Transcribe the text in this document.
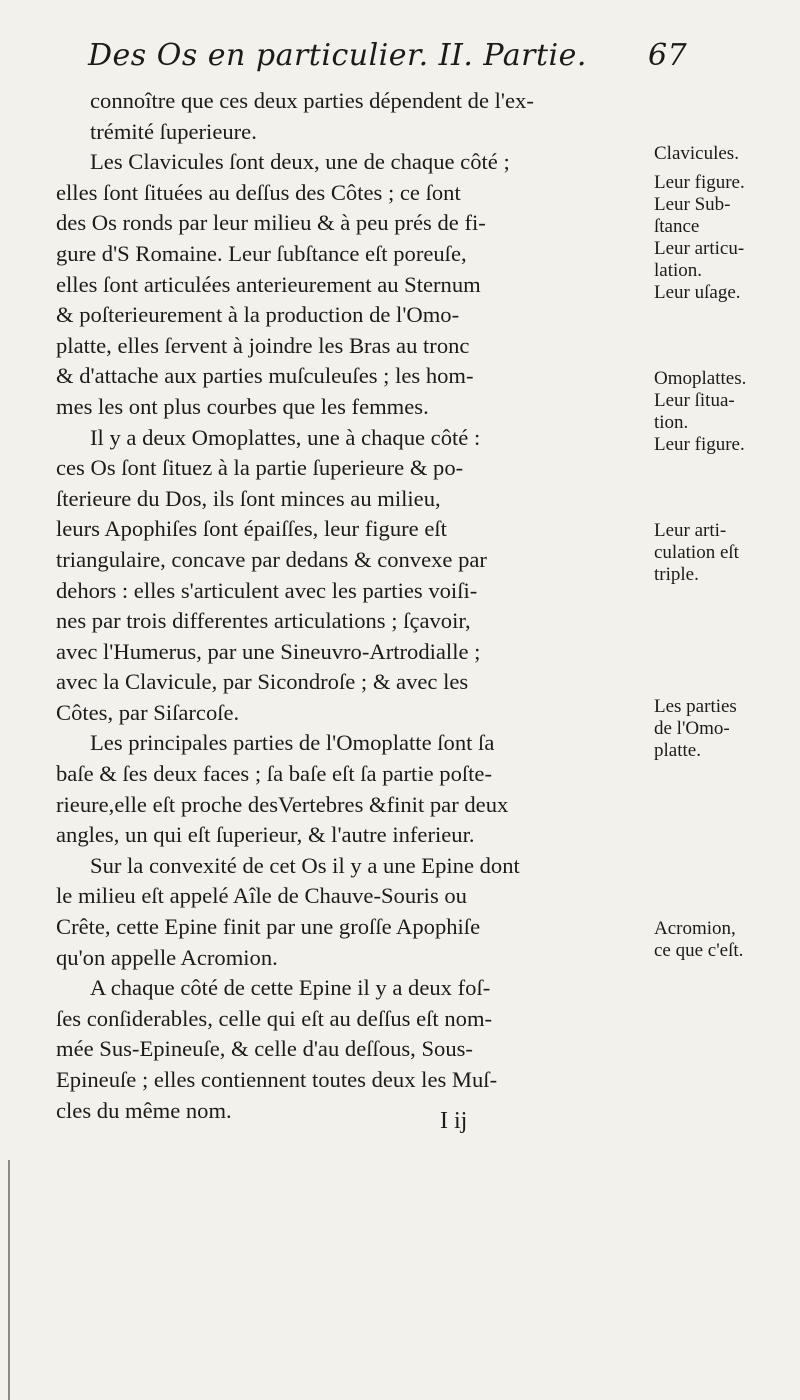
Des Os en particulier. II. Partie. 67
connoître que ces deux parties dépendent de l'ex-
trémité ſuperieure.
Les Clavicules ſont deux, une de chaque côté ;
elles ſont ſituées au deſſus des Côtes ; ce ſont
des Os ronds par leur milieu & à peu prés de fi-
gure d'S Romaine. Leur ſubſtance eſt poreuſe,
elles ſont articulées anterieurement au Sternum
& poſterieurement à la production de l'Omo-
platte, elles ſervent à joindre les Bras au tronc
& d'attache aux parties muſculeuſes ; les hom-
mes les ont plus courbes que les femmes.
Il y a deux Omoplattes, une à chaque côté :
ces Os ſont ſituez à la partie ſuperieure & po-
ſterieure du Dos, ils ſont minces au milieu,
leurs Apophiſes ſont épaiſſes, leur figure eſt
triangulaire, concave par dedans & convexe par
dehors : elles s'articulent avec les parties voiſi-
nes par trois differentes articulations ; ſçavoir,
avec l'Humerus, par une Sineuvro-Artrodialle ;
avec la Clavicule, par Sicondroſe ; & avec les
Côtes, par Siſarcoſe.
Les principales parties de l'Omoplatte ſont ſa
baſe & ſes deux faces ; ſa baſe eſt ſa partie poſte-
rieure,elle eſt proche desVertebres &finit par deux
angles, un qui eſt ſuperieur, & l'autre inferieur.
Sur la convexité de cet Os il y a une Epine dont
le milieu eſt appelé Aîle de Chauve-Souris ou
Crête, cette Epine finit par une groſſe Apophiſe
qu'on appelle Acromion.
A chaque côté de cette Epine il y a deux foſ-
ſes conſiderables, celle qui eſt au deſſus eſt nom-
mée Sus-Epineuſe, & celle d'au deſſous, Sous-
Epineuſe ; elles contiennent toutes deux les Muſ-
cles du même nom.
Clavicules.
Leur figure.
Leur Sub-
ſtance
Leur articu-
lation.
Leur uſage.
Omoplattes.
Leur ſitua-
tion.
Leur figure.
Leur arti-
culation eſt
triple.
Les parties
de l'Omo-
platte.
Acromion,
ce que c'eſt.
I ij
